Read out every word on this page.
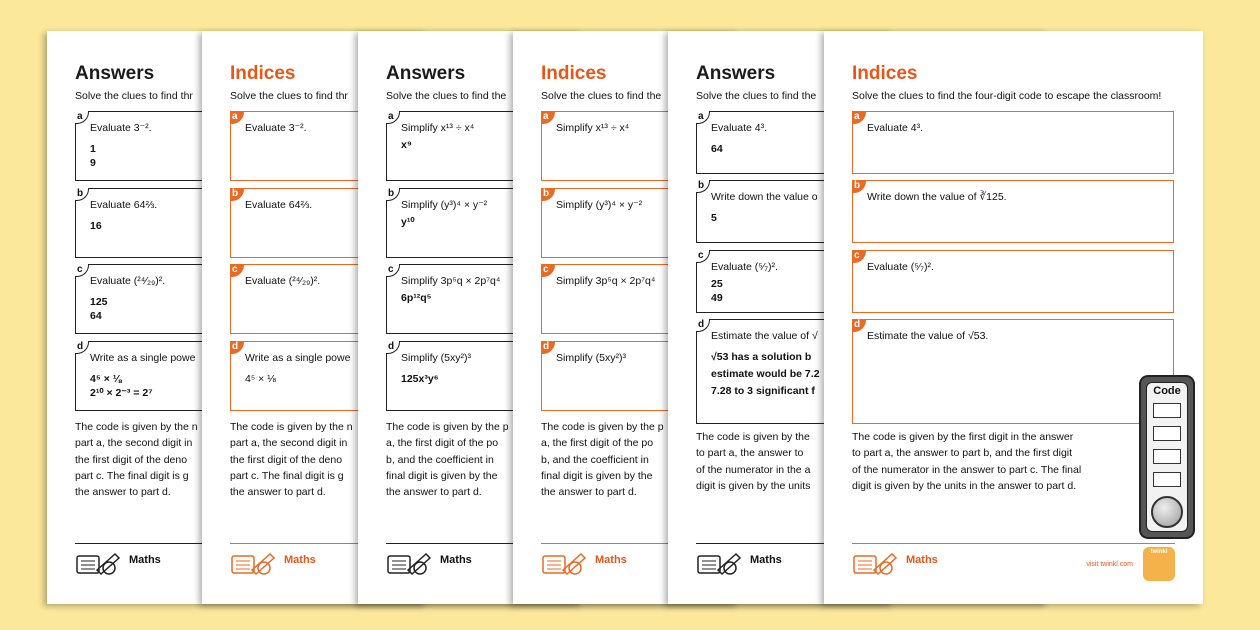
Answers
Solve the clues to find thr
a
Evaluate 3⁻².
1
9
b
Evaluate 64⅔.
16
c
Evaluate (²⁴⁄₂₉)².
125
64
d
Write as a single powe
4⁵ × ⅛
2¹⁰ × 2⁻³ = 2⁷
The code is given by the n
part a, the second digit in
the first digit of the deno
part c. The final digit is g
the answer to part d.
Maths
Indices
Solve the clues to find thr
a
Evaluate 3⁻².
b
Evaluate 64⅔.
c
Evaluate (²⁴⁄₂₉)².
d
Write as a single powe
4⁵ × ⅛
The code is given by the n
part a, the second digit in
the first digit of the deno
part c. The final digit is g
the answer to part d.
Maths
Answers
Solve the clues to find the
a
Simplify x¹³ ÷ x⁴
x⁹
b
Simplify (y³)⁴ × y⁻²
y¹⁰
c
Simplify 3p⁵q × 2p⁷q⁴
6p¹²q⁵
d
Simplify (5xy²)³
125x³y⁶
The code is given by the p
a, the first digit of the po
b, and the coefficient in
final digit is given by the
the answer to part d.
Maths
Indices
Solve the clues to find the
a
Simplify x¹³ ÷ x⁴
b
Simplify (y³)⁴ × y⁻²
c
Simplify 3p⁵q × 2p⁷q⁴
d
Simplify (5xy²)³
The code is given by the p
a, the first digit of the po
b, and the coefficient in
final digit is given by the
the answer to part d.
Maths
Answers
Solve the clues to find the
a
Evaluate 4³.
64
b
Write down the value o
5
c
Evaluate (⁵⁄₇)².
25
49
d
Estimate the value of √
√53 has a solution b
estimate would be 7.2
7.28 to 3 significant f
The code is given by the
to part a, the answer to
of the numerator in the a
digit is given by the units
Maths
Indices
Solve the clues to find the four-digit code to escape the classroom!
a
Evaluate 4³.
b
Write down the value of ∛125.
c
Evaluate (⁵⁄₇)².
d
Estimate the value of √53.
The code is given by the first digit in the answer
to part a, the answer to part b, and the first digit
of the numerator in the answer to part c. The final
digit is given by the units in the answer to part d.
Code
Maths	visit twinkl.com
twinkl
